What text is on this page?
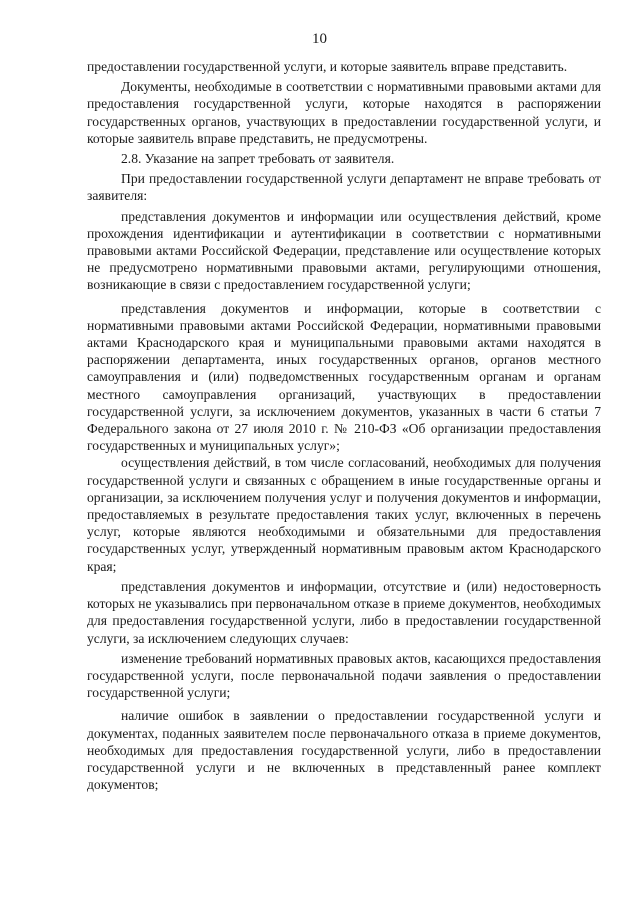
10

предоставлении государственной услуги, и которые заявитель вправе представить.

Документы, необходимые в соответствии с нормативными правовыми актами для предоставления государственной услуги, которые находятся в распоряжении государственных органов, участвующих в предоставлении государственной услуги, и которые заявитель вправе представить, не предусмотрены.

2.8. Указание на запрет требовать от заявителя.

При предоставлении государственной услуги департамент не вправе требовать от заявителя:

представления документов и информации или осуществления действий, кроме прохождения идентификации и аутентификации в соответствии с нормативными правовыми актами Российской Федерации, представление или осуществление которых не предусмотрено нормативными правовыми актами, регулирующими отношения, возникающие в связи с предоставлением государственной услуги;

представления документов и информации, которые в соответствии с нормативными правовыми актами Российской Федерации, нормативными правовыми актами Краснодарского края и муниципальными правовыми актами находятся в распоряжении департамента, иных государственных органов, органов местного самоуправления и (или) подведомственных государственным органам и органам местного самоуправления организаций, участвующих в предоставлении государственной услуги, за исключением документов, указанных в части 6 статьи 7 Федерального закона от 27 июля 2010 г. № 210-ФЗ «Об организации предоставления государственных и муниципальных услуг»;

осуществления действий, в том числе согласований, необходимых для получения государственной услуги и связанных с обращением в иные государственные органы и организации, за исключением получения услуг и получения документов и информации, предоставляемых в результате предоставления таких услуг, включенных в перечень услуг, которые являются необходимыми и обязательными для предоставления государственных услуг, утвержденный нормативным правовым актом Краснодарского края;

представления документов и информации, отсутствие и (или) недостоверность которых не указывались при первоначальном отказе в приеме документов, необходимых для предоставления государственной услуги, либо в предоставлении государственной услуги, за исключением следующих случаев:

изменение требований нормативных правовых актов, касающихся предоставления государственной услуги, после первоначальной подачи заявления о предоставлении государственной услуги;

наличие ошибок в заявлении о предоставлении государственной услуги и документах, поданных заявителем после первоначального отказа в приеме документов, необходимых для предоставления государственной услуги, либо в предоставлении государственной услуги и не включенных в представленный ранее комплект документов;
